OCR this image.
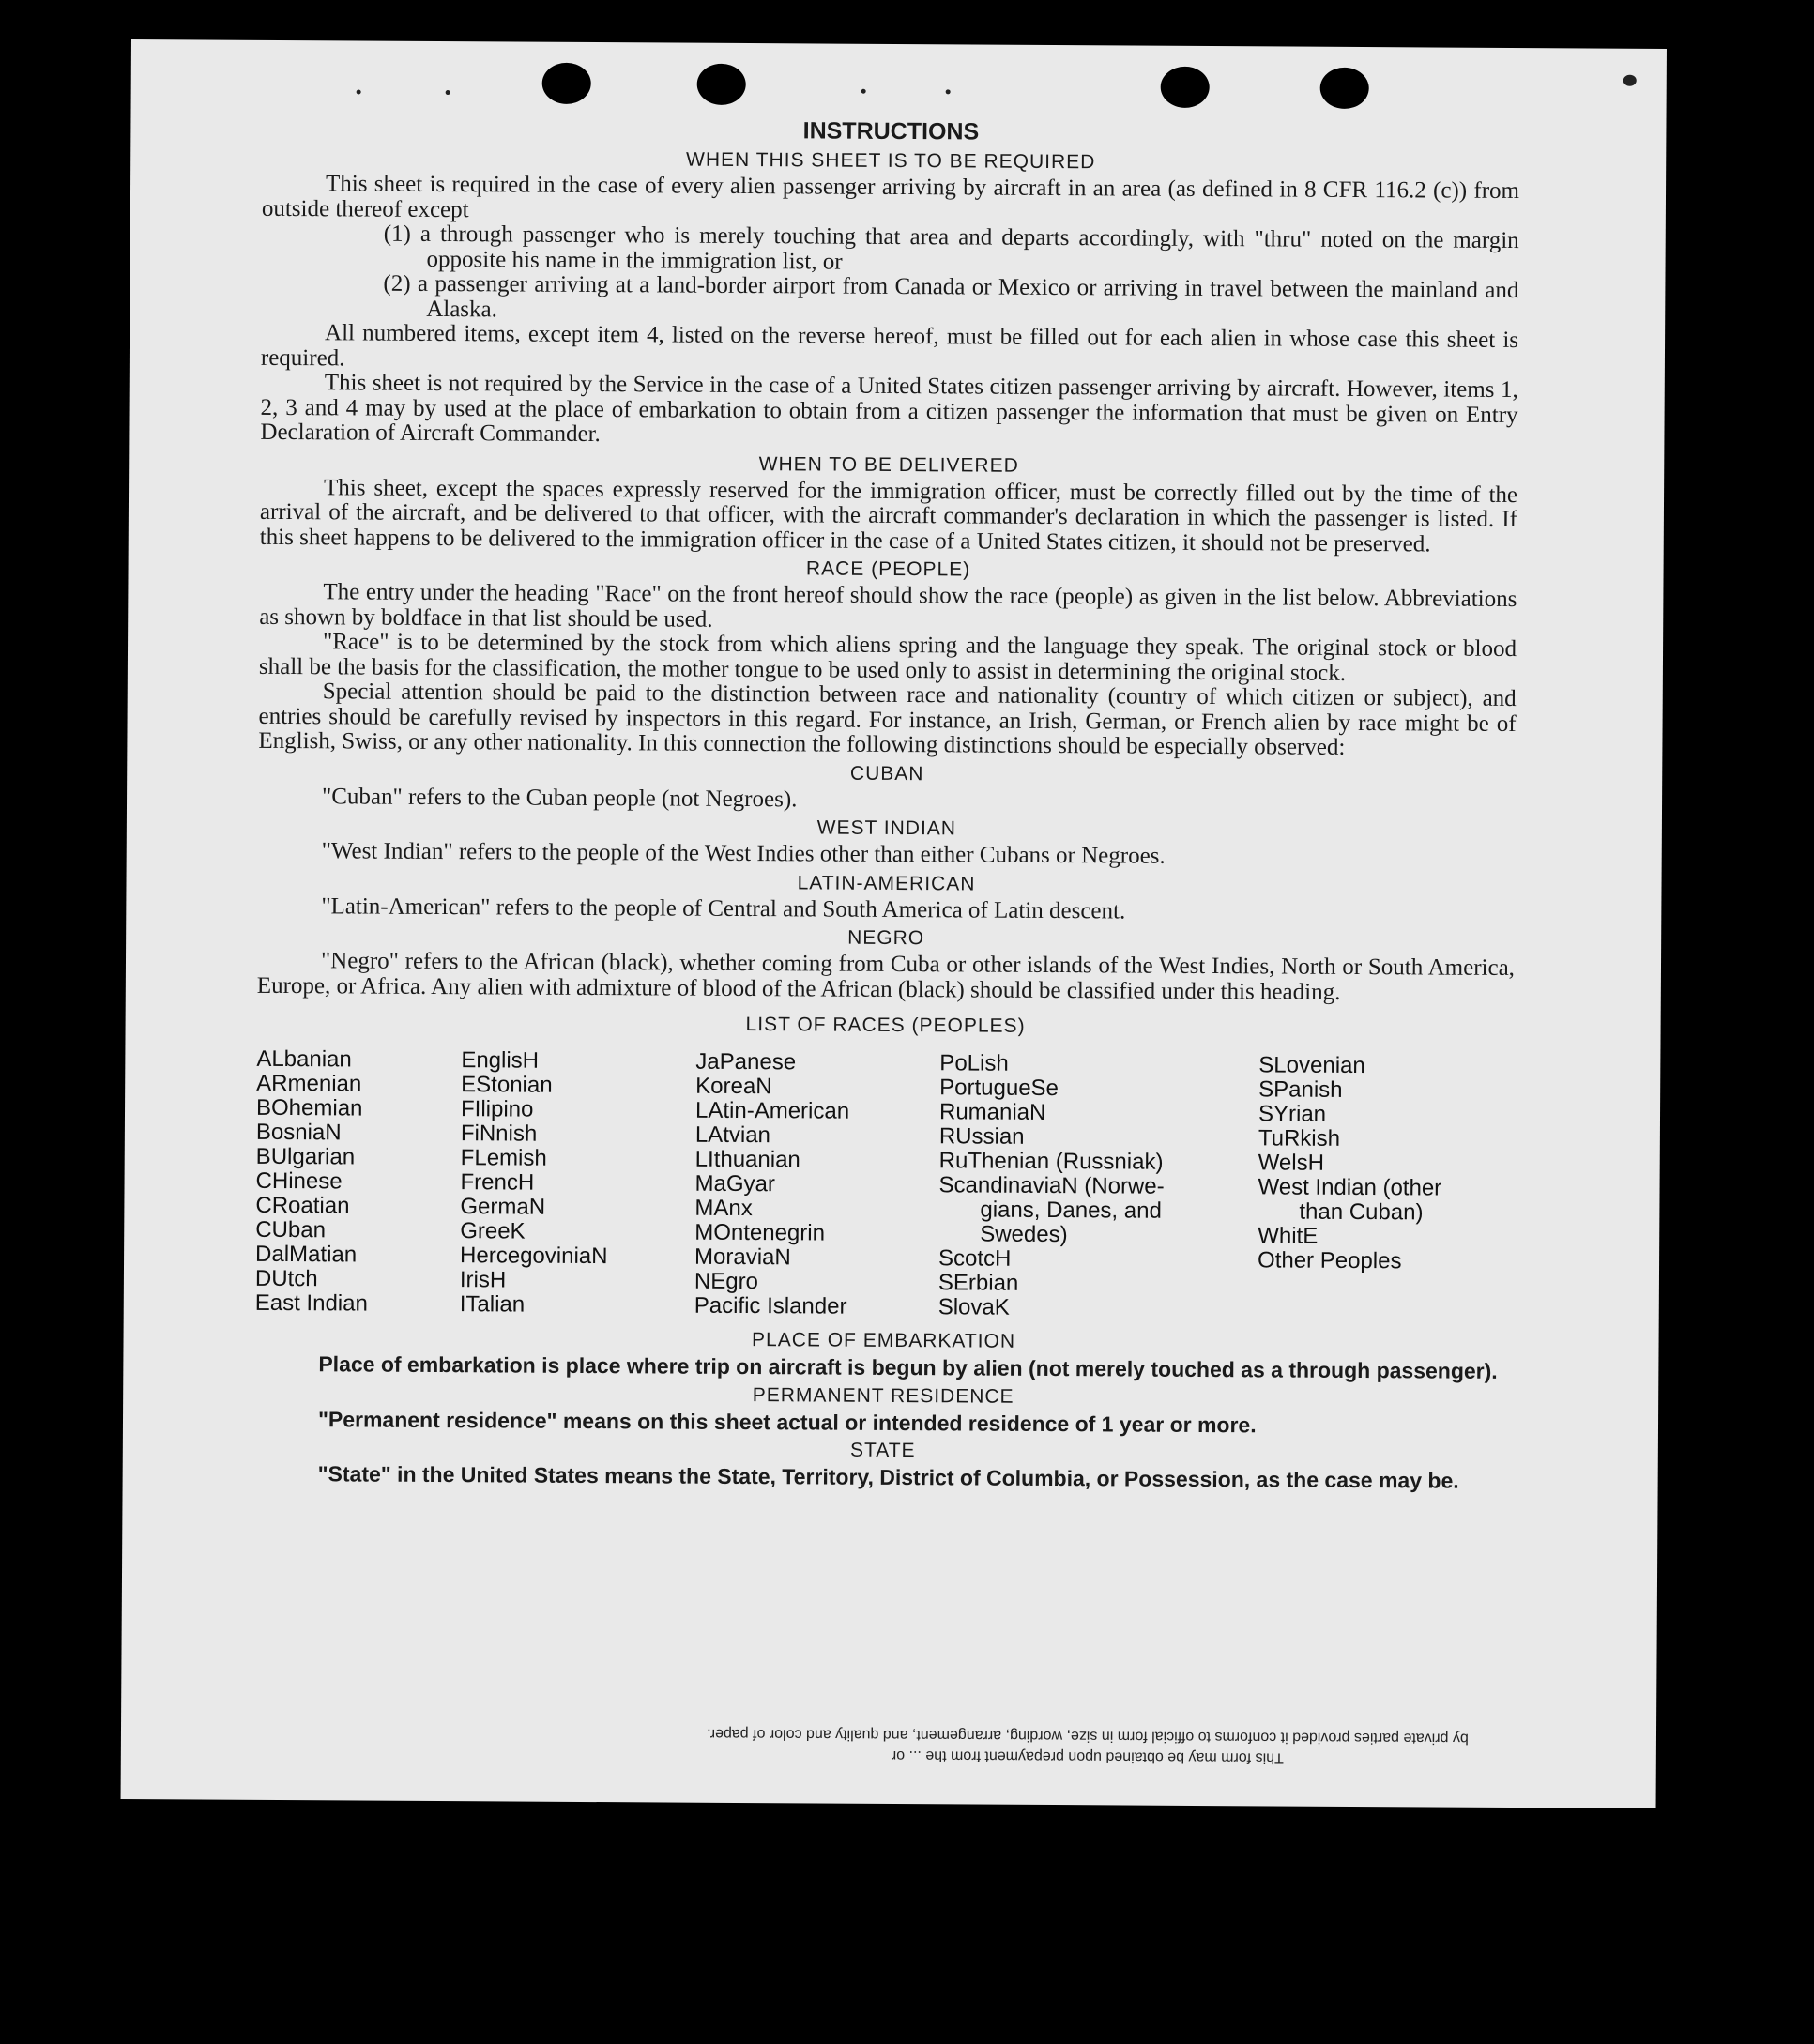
INSTRUCTIONS
WHEN THIS SHEET IS TO BE REQUIRED

This sheet is required in the case of every alien passenger arriving by aircraft in an area (as defined in 8 CFR 116.2 (c)) from outside thereof except

(1) a through passenger who is merely touching that area and departs accordingly, with "thru" noted on the margin opposite his name in the immigration list, or

(2) a passenger arriving at a land-border airport from Canada or Mexico or arriving in travel between the mainland and Alaska.

All numbered items, except item 4, listed on the reverse hereof, must be filled out for each alien in whose case this sheet is required.

This sheet is not required by the Service in the case of a United States citizen passenger arriving by aircraft. However, items 1, 2, 3 and 4 may by used at the place of embarkation to obtain from a citizen passenger the information that must be given on Entry Declaration of Aircraft Commander.

WHEN TO BE DELIVERED

This sheet, except the spaces expressly reserved for the immigration officer, must be correctly filled out by the time of the arrival of the aircraft, and be delivered to that officer, with the aircraft commander's declaration in which the passenger is listed. If this sheet happens to be delivered to the immigration officer in the case of a United States citizen, it should not be preserved.

RACE (PEOPLE)

The entry under the heading "Race" on the front hereof should show the race (people) as given in the list below. Abbreviations as shown by boldface in that list should be used.

"Race" is to be determined by the stock from which aliens spring and the language they speak. The original stock or blood shall be the basis for the classification, the mother tongue to be used only to assist in determining the original stock.

Special attention should be paid to the distinction between race and nationality (country of which citizen or subject), and entries should be carefully revised by inspectors in this regard. For instance, an Irish, German, or French alien by race might be of English, Swiss, or any other nationality. In this connection the following distinctions should be especially observed:

CUBAN

"Cuban" refers to the Cuban people (not Negroes).

WEST INDIAN

"West Indian" refers to the people of the West Indies other than either Cubans or Negroes.

LATIN-AMERICAN

"Latin-American" refers to the people of Central and South America of Latin descent.

NEGRO

"Negro" refers to the African (black), whether coming from Cuba or other islands of the West Indies, North or South America, Europe, or Africa. Any alien with admixture of blood of the African (black) should be classified under this heading.

LIST OF RACES (PEOPLES)
ALbanian
ARmenian
BOhemian
BosniaN
BUlgarian
CHinese
CRoatian
CUban
DalMatian
DUtch
East Indian
EnglisH
EStonian
FIlipino
FiNnish
FLemish
FrencH
GermaN
GreeK
HercegoviniaN
IrisH
ITalian
JaPanese
KoreaN
LAtin-American
LAtvian
LIthuanian
MaGyar
MAnx
MOntenegrin
MoraviaN
NEgro
Pacific Islander
PoLish
PortugueSe
RumaniaN
RUssian
RuThenian (Russniak)
ScandinaviaN (Norwe-
gians, Danes, and
Swedes)
ScotcH
SErbian
SlovaK
SLovenian
SPanish
SYrian
TuRkish
WelsH
West Indian (other
than Cuban)
WhitE
Other Peoples
PLACE OF EMBARKATION

Place of embarkation is place where trip on aircraft is begun by alien (not merely touched as a through passenger).

PERMANENT RESIDENCE

"Permanent residence" means on this sheet actual or intended residence of 1 year or more.

STATE

"State" in the United States means the State, Territory, District of Columbia, or Possession, as the case may be.

This form may be obtained upon prepayment from the ... or
by private parties provided it conforms to official form in size, wording, arrangement, and quality and color of paper.
